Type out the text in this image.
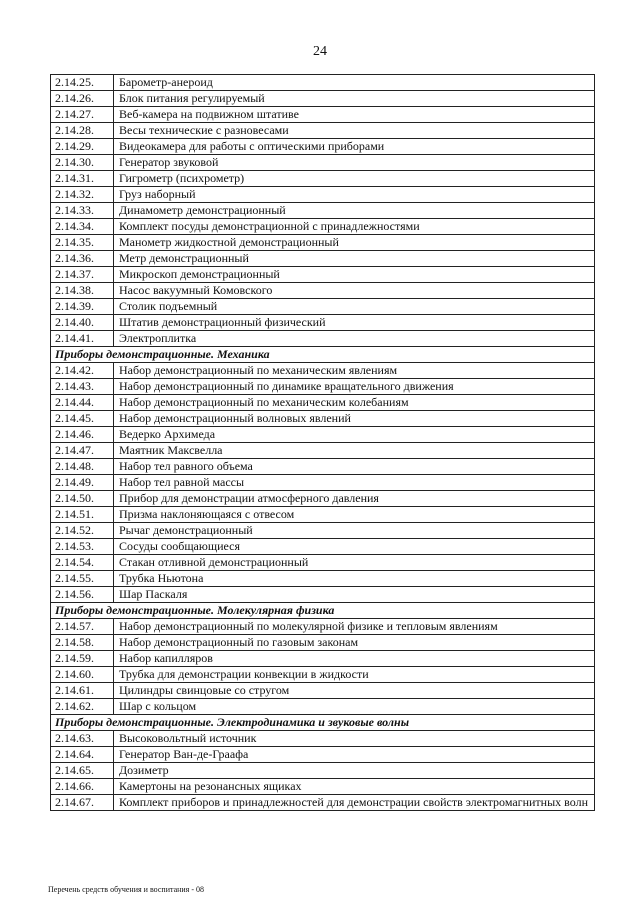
24
2.14.25.	Барометр-анероид
2.14.26.	Блок питания регулируемый
2.14.27.	Веб-камера на подвижном штативе
2.14.28.	Весы технические с разновесами
2.14.29.	Видеокамера для работы с оптическими приборами
2.14.30.	Генератор звуковой
2.14.31.	Гигрометр (психрометр)
2.14.32.	Груз наборный
2.14.33.	Динамометр демонстрационный
2.14.34.	Комплект посуды демонстрационной с принадлежностями
2.14.35.	Манометр жидкостной демонстрационный
2.14.36.	Метр демонстрационный
2.14.37.	Микроскоп демонстрационный
2.14.38.	Насос вакуумный Комовского
2.14.39.	Столик подъемный
2.14.40.	Штатив демонстрационный физический
2.14.41.	Электроплитка
Приборы демонстрационные. Механика	
2.14.42.	Набор демонстрационный по механическим явлениям
2.14.43.	Набор демонстрационный по динамике вращательного движения
2.14.44.	Набор демонстрационный по механическим колебаниям
2.14.45.	Набор демонстрационный волновых явлений
2.14.46.	Ведерко Архимеда
2.14.47.	Маятник Максвелла
2.14.48.	Набор тел равного объема
2.14.49.	Набор тел равной массы
2.14.50.	Прибор для демонстрации атмосферного давления
2.14.51.	Призма наклоняющаяся с отвесом
2.14.52.	Рычаг демонстрационный
2.14.53.	Сосуды сообщающиеся
2.14.54.	Стакан отливной демонстрационный
2.14.55.	Трубка Ньютона
2.14.56.	Шар Паскаля
Приборы демонстрационные. Молекулярная физика	
2.14.57.	Набор демонстрационный по молекулярной физике и тепловым явлениям
2.14.58.	Набор демонстрационный по газовым законам
2.14.59.	Набор капилляров
2.14.60.	Трубка для демонстрации конвекции в жидкости
2.14.61.	Цилиндры свинцовые со стругом
2.14.62.	Шар с кольцом
Приборы демонстрационные. Электродинамика и звуковые волны	
2.14.63.	Высоковольтный источник
2.14.64.	Генератор Ван-де-Граафа
2.14.65.	Дозиметр
2.14.66.	Камертоны на резонансных ящиках
2.14.67.	Комплект приборов и принадлежностей для демонстрации свойств электромагнитных волн
Перечень средств обучения и воспитания - 08
